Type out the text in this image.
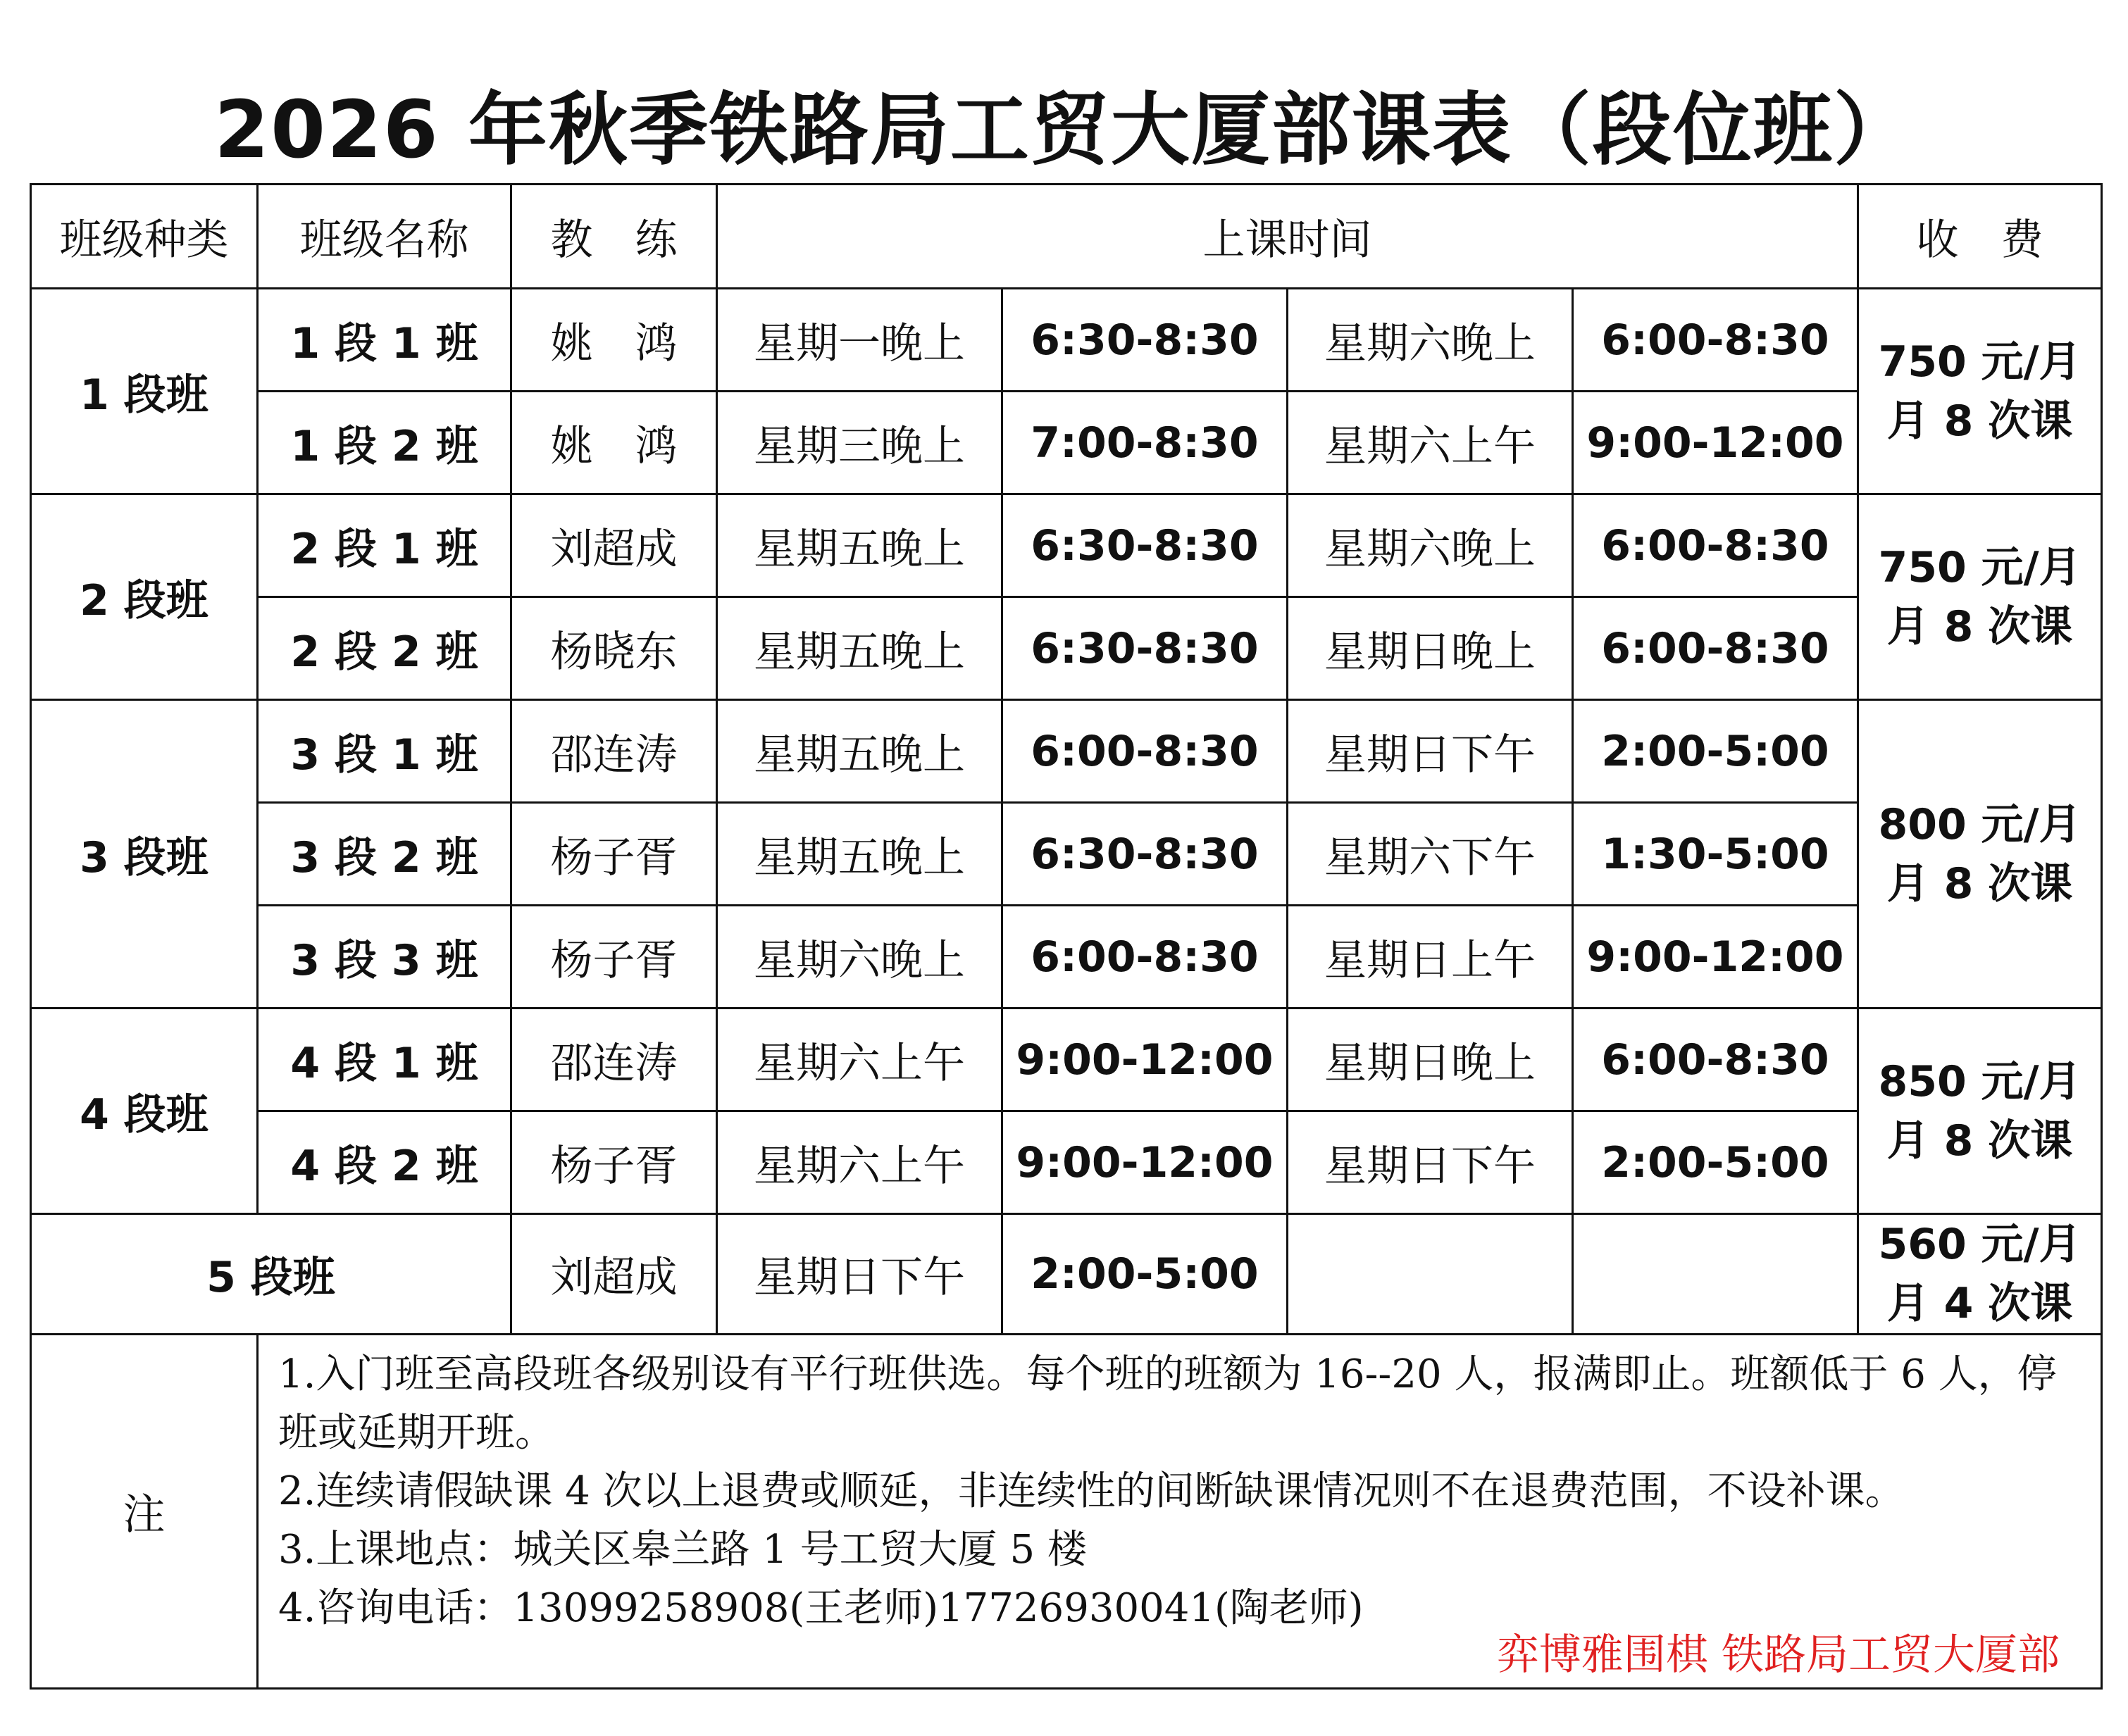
2026 年秋季铁路局工贸大厦部课表（段位班）
班级种类	班级名称	教　练	上课时间				收　费
1 段班	1 段 1 班	姚　鸿	星期一晚上	6:30-8:30	星期六晚上	6:00-8:30	750 元/月
月 8 次课
	1 段 2 班	姚　鸿	星期三晚上	7:00-8:30	星期六上午	9:00-12:00	
2 段班	2 段 1 班	刘超成	星期五晚上	6:30-8:30	星期六晚上	6:00-8:30	750 元/月
月 8 次课
	2 段 2 班	杨晓东	星期五晚上	6:30-8:30	星期日晚上	6:00-8:30	
3 段班	3 段 1 班	邵连涛	星期五晚上	6:00-8:30	星期日下午	2:00-5:00	800 元/月
月 8 次课
	3 段 2 班	杨子胥	星期五晚上	6:30-8:30	星期六下午	1:30-5:00	
	3 段 3 班	杨子胥	星期六晚上	6:00-8:30	星期日上午	9:00-12:00	
4 段班	4 段 1 班	邵连涛	星期六上午	9:00-12:00	星期日晚上	6:00-8:30	850 元/月
月 8 次课
	4 段 2 班	杨子胥	星期六上午	9:00-12:00	星期日下午	2:00-5:00	
5 段班		刘超成	星期日下午	2:00-5:00			560 元/月
月 4 次课
注	1.入门班至高段班各级别设有平行班供选。每个班的班额为 16--20 人，报满即止。班额低于 6 人，停班或延期开班。
2.连续请假缺课 4 次以上退费或顺延，非连续性的间断缺课情况则不在退费范围，不设补课。
3.上课地点：城关区皋兰路 1 号工贸大厦 5 楼
4.咨询电话：13099258908(王老师)17726930041(陶老师)
弈博雅围棋 铁路局工贸大厦部						
